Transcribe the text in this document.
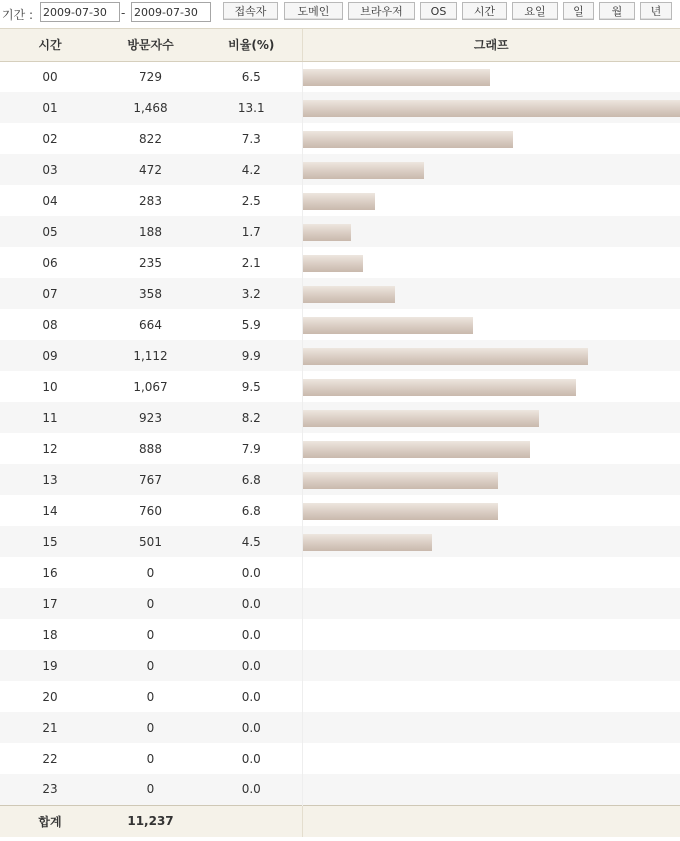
기간 :
2009-07-30	-
2009-07-30	접속자	도메인	브라우저	OS	시간	요일	일	월	년
시간	방문자수	비율(%)	그래프
00	729	6.5	

01	1,468	13.1	

02	822	7.3	

03	472	4.2	

04	283	2.5	

05	188	1.7	

06	235	2.1	

07	358	3.2	

08	664	5.9	

09	1,112	9.9	

10	1,067	9.5	

11	923	8.2	

12	888	7.9	

13	767	6.8	

14	760	6.8	

15	501	4.5	

16	0	0.0	
17	0	0.0	
18	0	0.0	
19	0	0.0	
20	0	0.0	
21	0	0.0	
22	0	0.0	
23	0	0.0	
합계	11,237		
